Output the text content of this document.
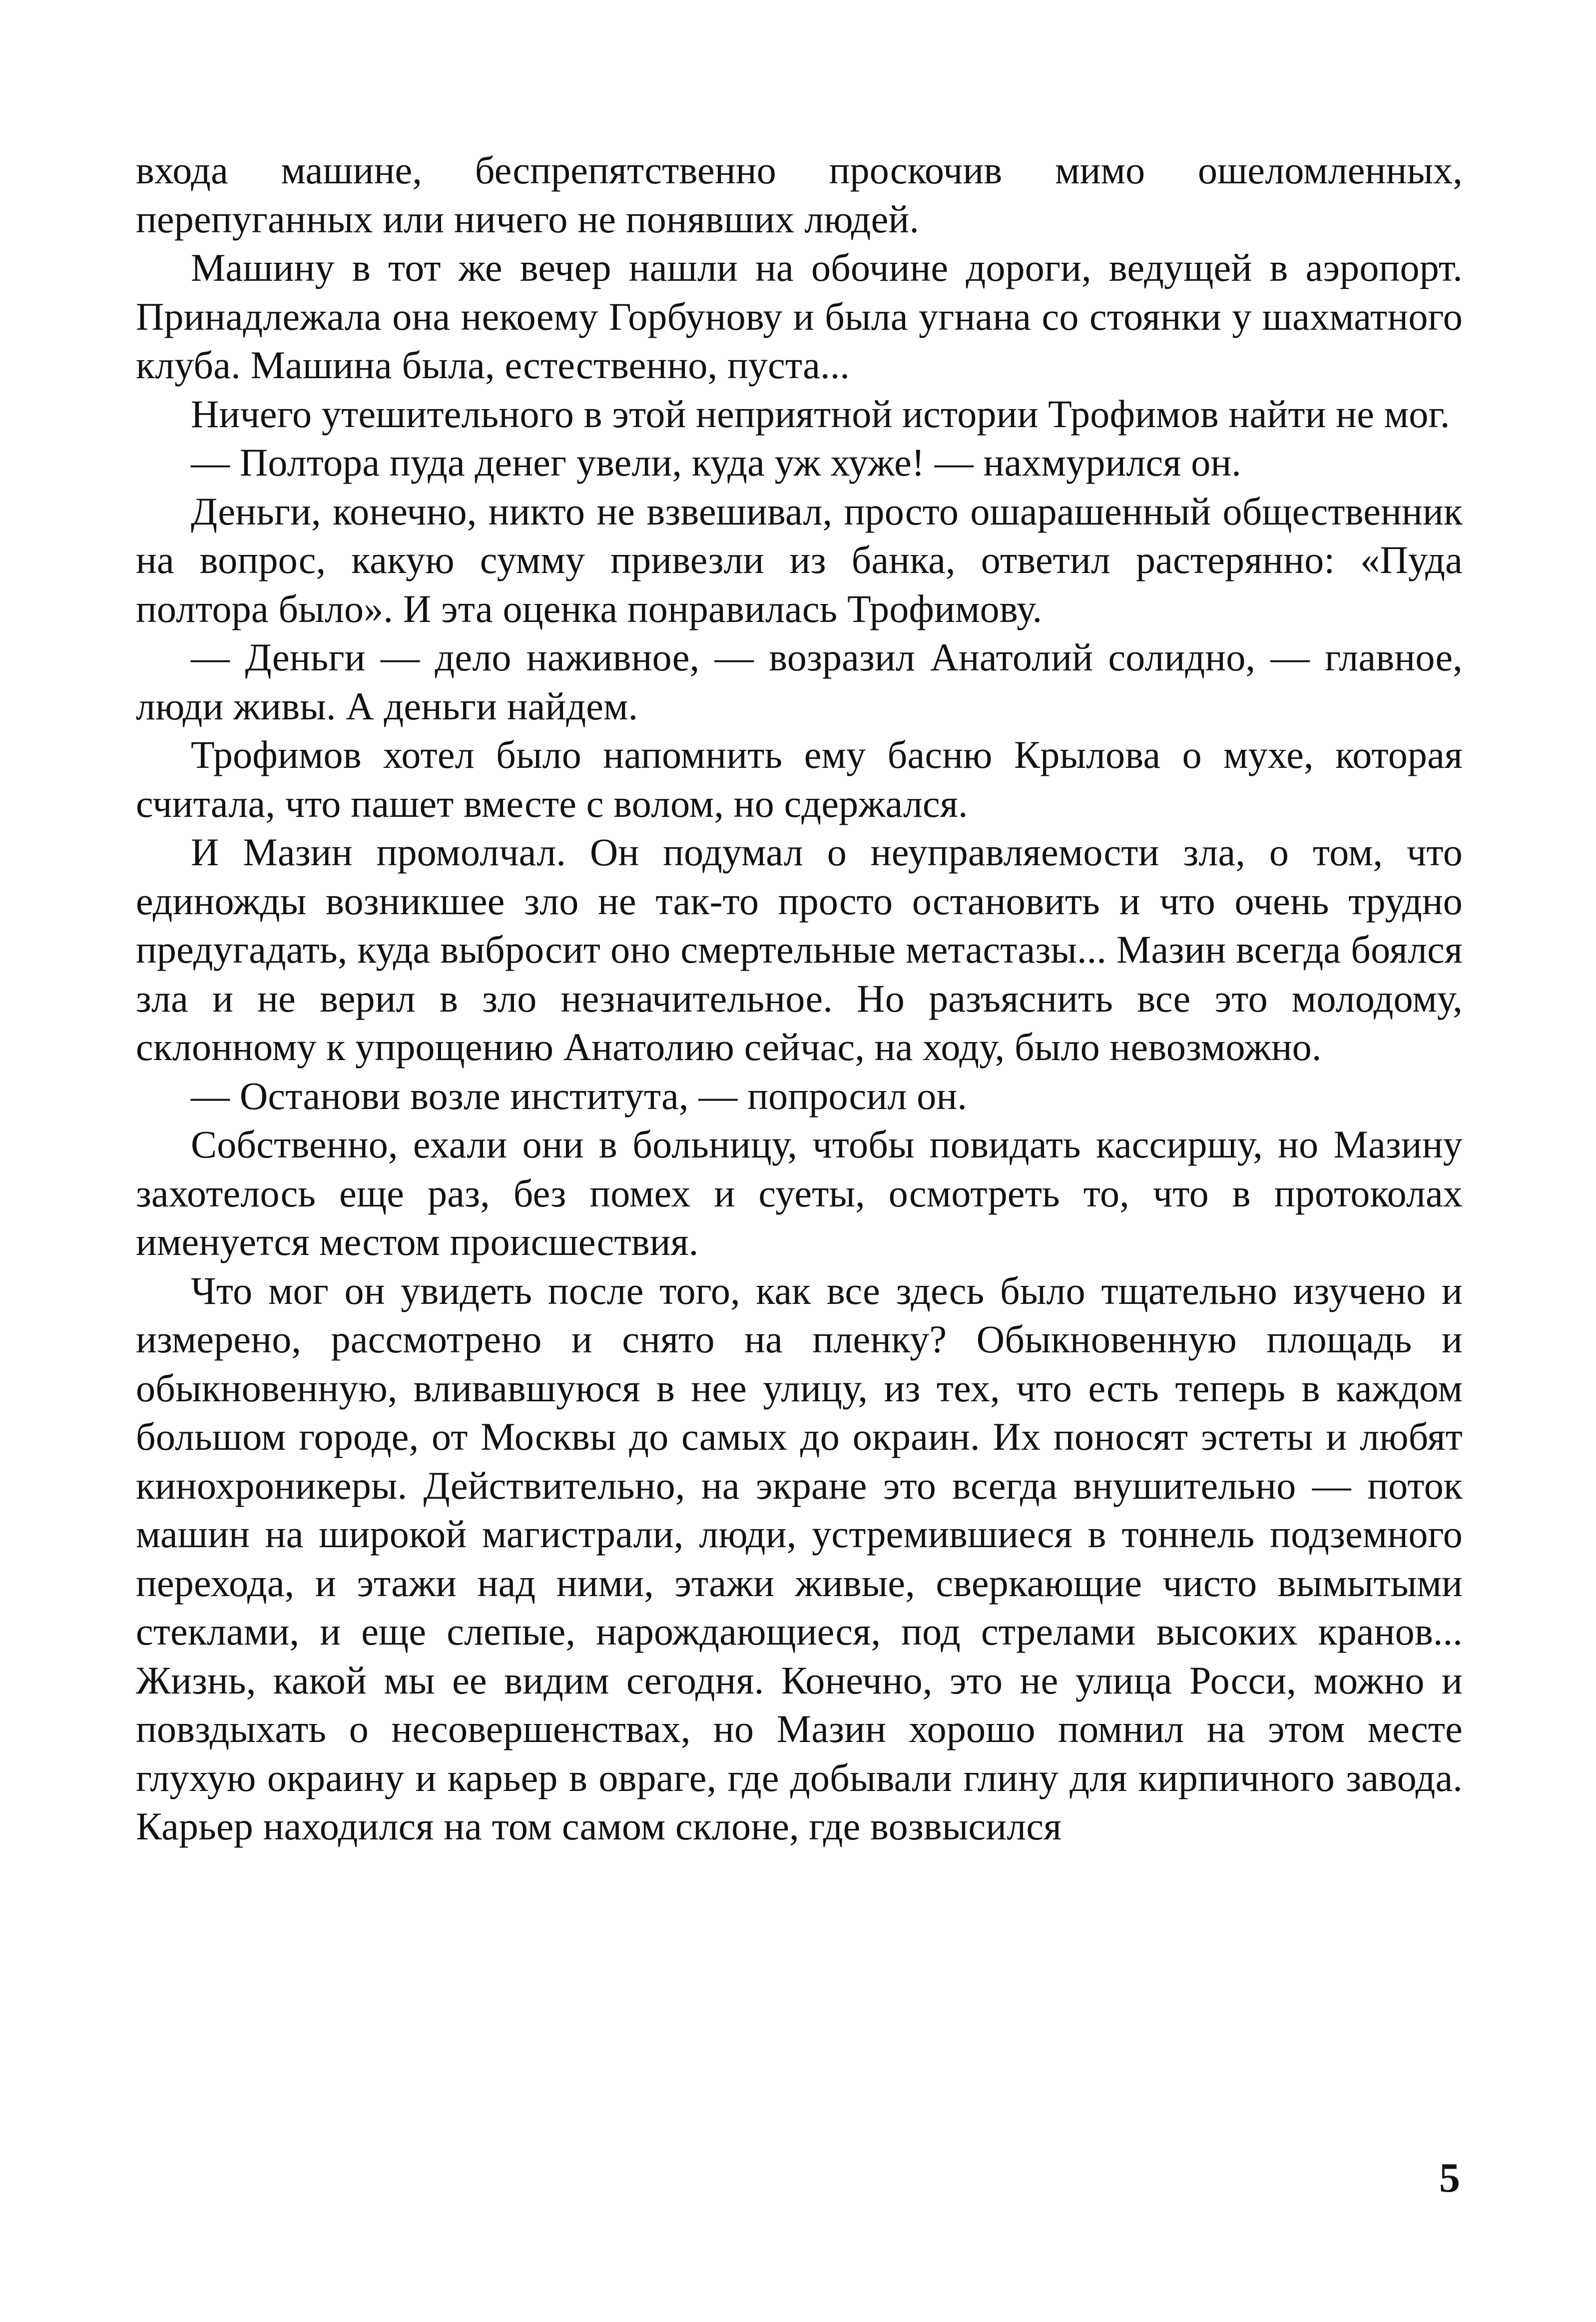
входа машине, беспрепятственно проскочив мимо ошеломленных, перепуганных или ничего не понявших людей.

Машину в тот же вечер нашли на обочине дороги, ведущей в аэропорт. Принадлежала она некоему Горбунову и была угнана со стоянки у шахматного клуба. Машина была, естественно, пуста...

Ничего утешительного в этой неприятной истории Трофимов найти не мог.

— Полтора пуда денег увели, куда уж хуже! — нахмурился он.

Деньги, конечно, никто не взвешивал, просто ошарашенный общественник на вопрос, какую сумму привезли из банка, ответил растерянно: «Пуда полтора было». И эта оценка понравилась Трофимову.

— Деньги — дело наживное, — возразил Анатолий солидно, — главное, люди живы. А деньги найдем.

Трофимов хотел было напомнить ему басню Крылова о мухе, которая считала, что пашет вместе с волом, но сдержался.

И Мазин промолчал. Он подумал о неуправляемости зла, о том, что единожды возникшее зло не так-то просто остановить и что очень трудно предугадать, куда выбросит оно смертельные метастазы... Мазин всегда боялся зла и не верил в зло незначительное. Но разъяснить все это молодому, склонному к упрощению Анатолию сейчас, на ходу, было невозможно.

— Останови возле института, — попросил он.

Собственно, ехали они в больницу, чтобы повидать кассиршу, но Мазину захотелось еще раз, без помех и суеты, осмотреть то, что в протоколах именуется местом происшествия.

Что мог он увидеть после того, как все здесь было тщательно изучено и измерено, рассмотрено и снято на пленку? Обыкновенную площадь и обыкновенную, вливавшуюся в нее улицу, из тех, что есть теперь в каждом большом городе, от Москвы до самых до окраин. Их поносят эстеты и любят кинохроникеры. Действительно, на экране это всегда внушительно — поток машин на широкой магистрали, люди, устремившиеся в тоннель подземного перехода, и этажи над ними, этажи живые, сверкающие чисто вымытыми стеклами, и еще слепые, нарождающиеся, под стрелами высоких кранов... Жизнь, какой мы ее видим сегодня. Конечно, это не улица Росси, можно и повздыхать о несовершенствах, но Мазин хорошо помнил на этом месте глухую окраину и карьер в овраге, где добывали глину для кирпичного завода. Карьер находился на том самом склоне, где возвысился

5
